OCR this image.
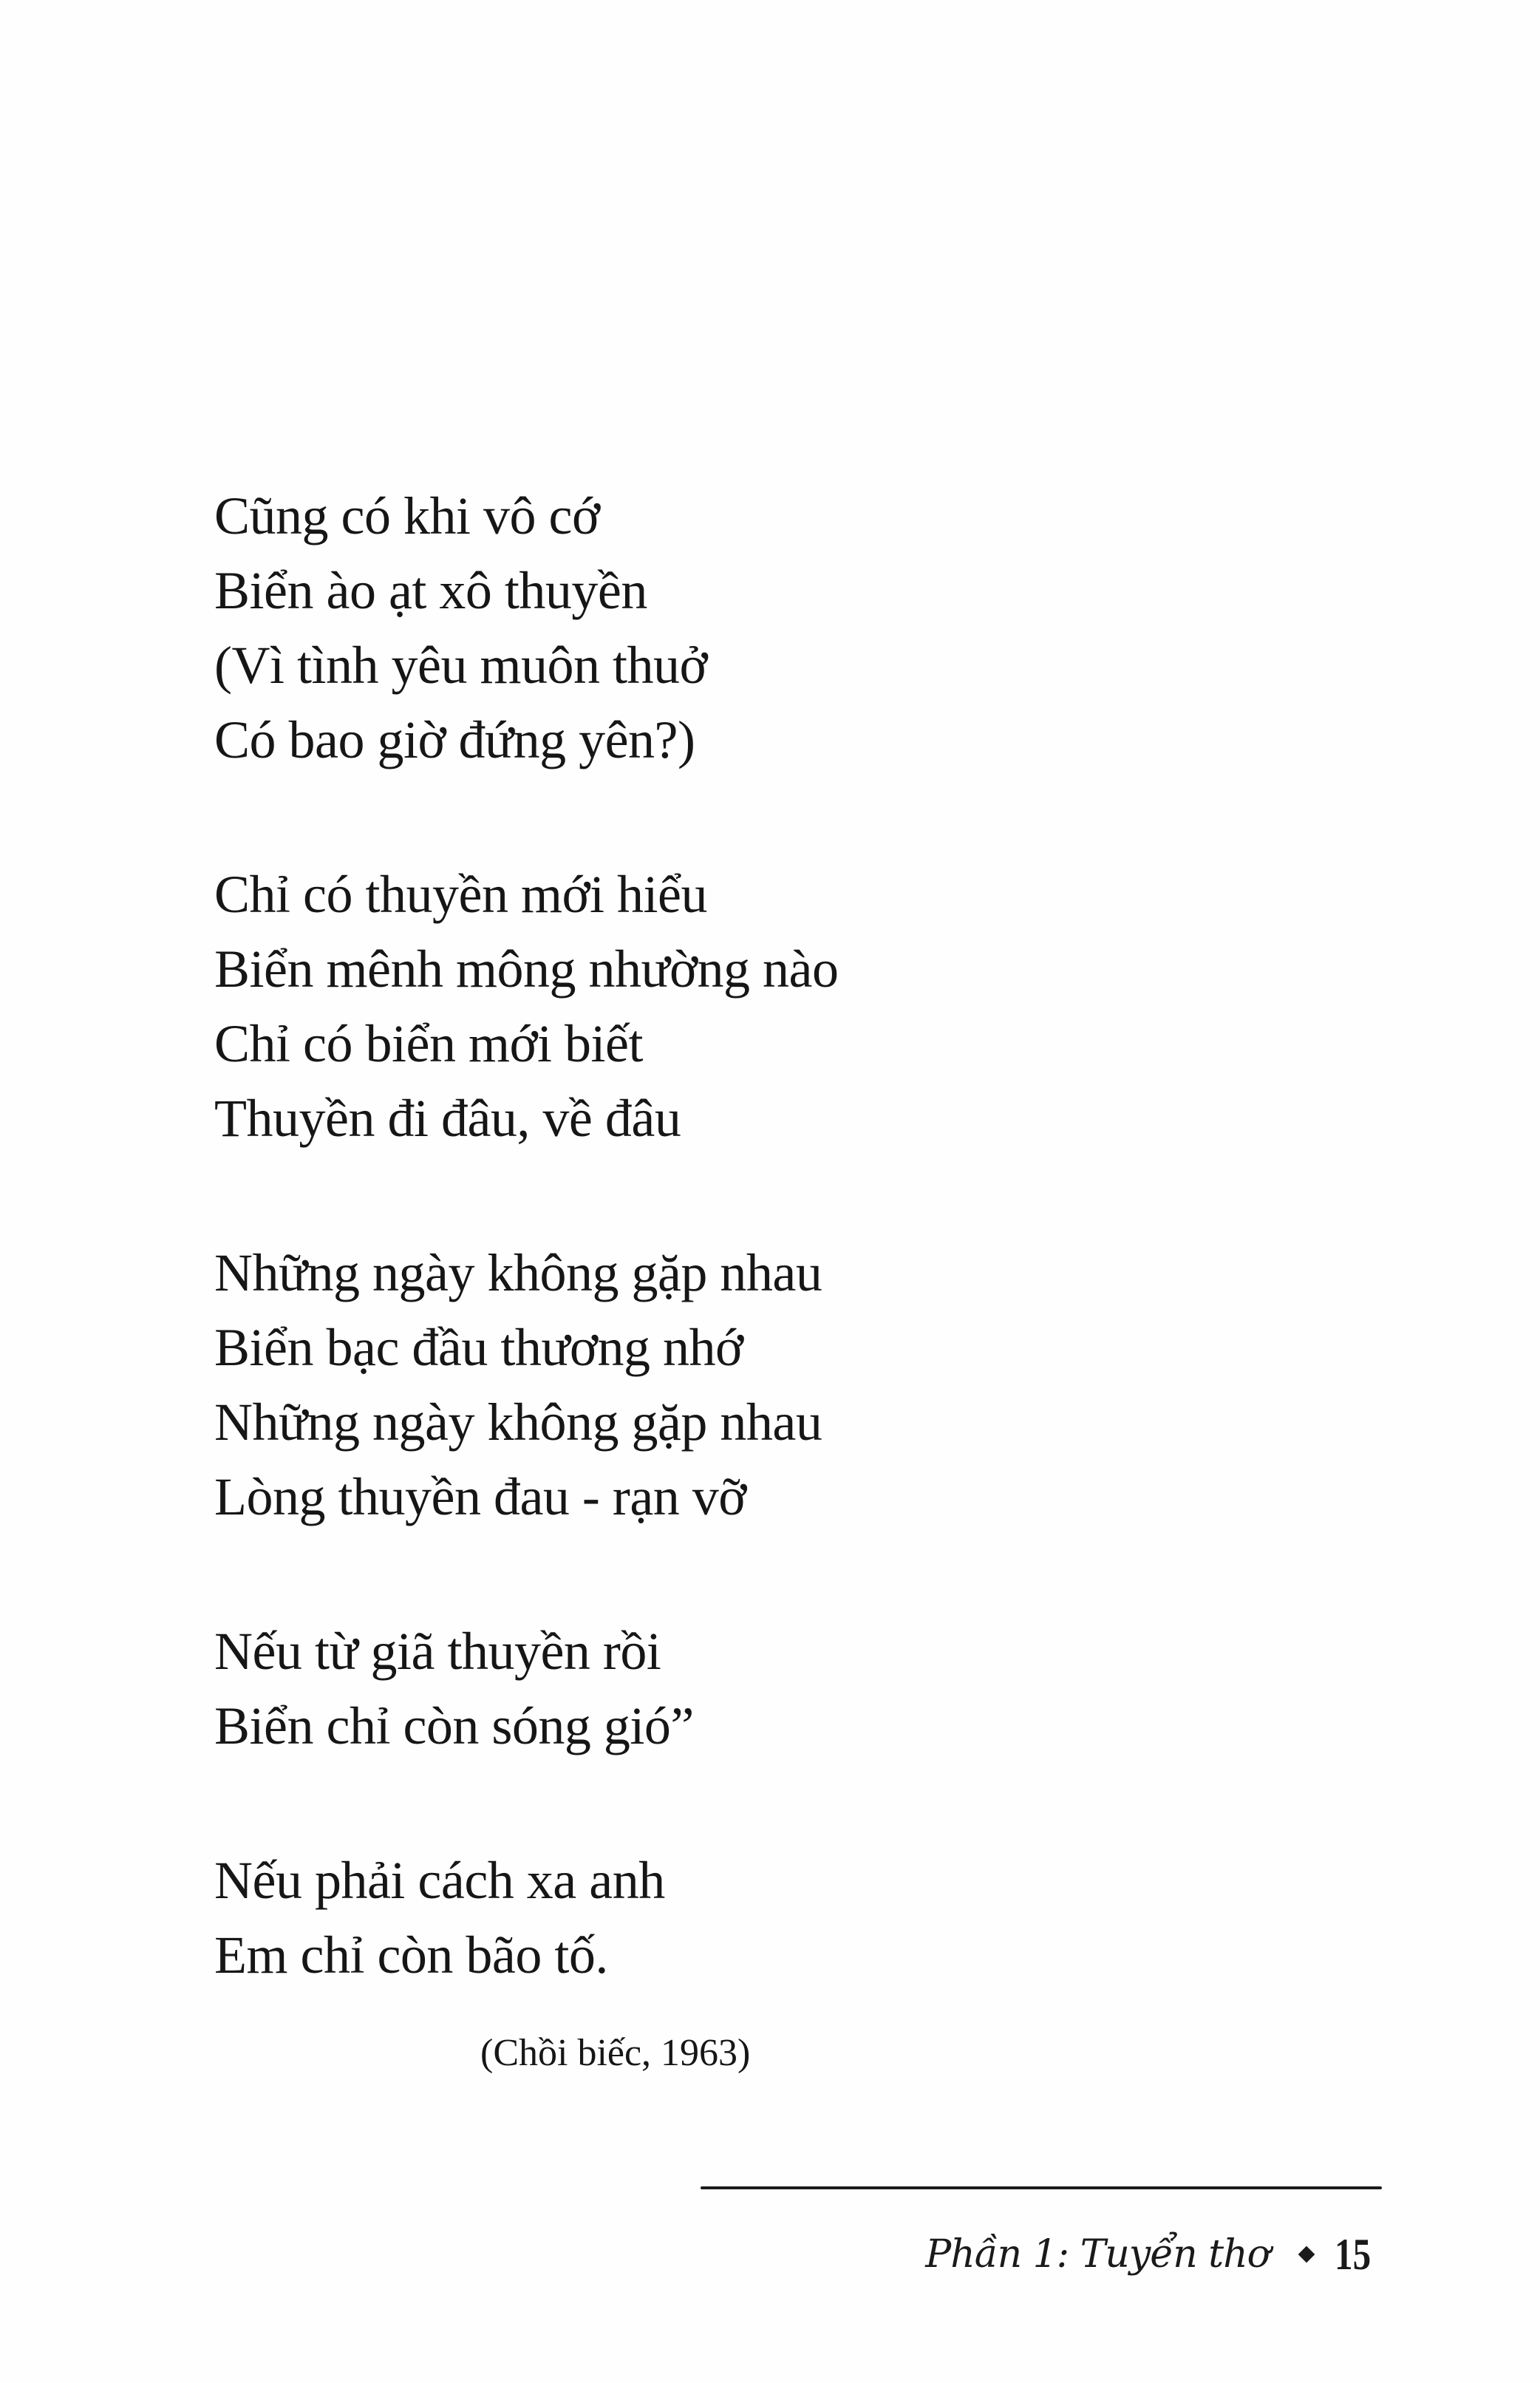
Cũng có khi vô cớ
Biển ào ạt xô thuyền
(Vì tình yêu muôn thuở
Có bao giờ đứng yên?)
Chỉ có thuyền mới hiểu
Biển mênh mông nhường nào
Chỉ có biển mới biết
Thuyền đi đâu, về đâu
Những ngày không gặp nhau
Biển bạc đầu thương nhớ
Những ngày không gặp nhau
Lòng thuyền đau - rạn vỡ
Nếu từ giã thuyền rồi
Biển chỉ còn sóng gió”
Nếu phải cách xa anh
Em chỉ còn bão tố.
(Chồi biếc, 1963)
Phần 1: Tuyển thơ 15
